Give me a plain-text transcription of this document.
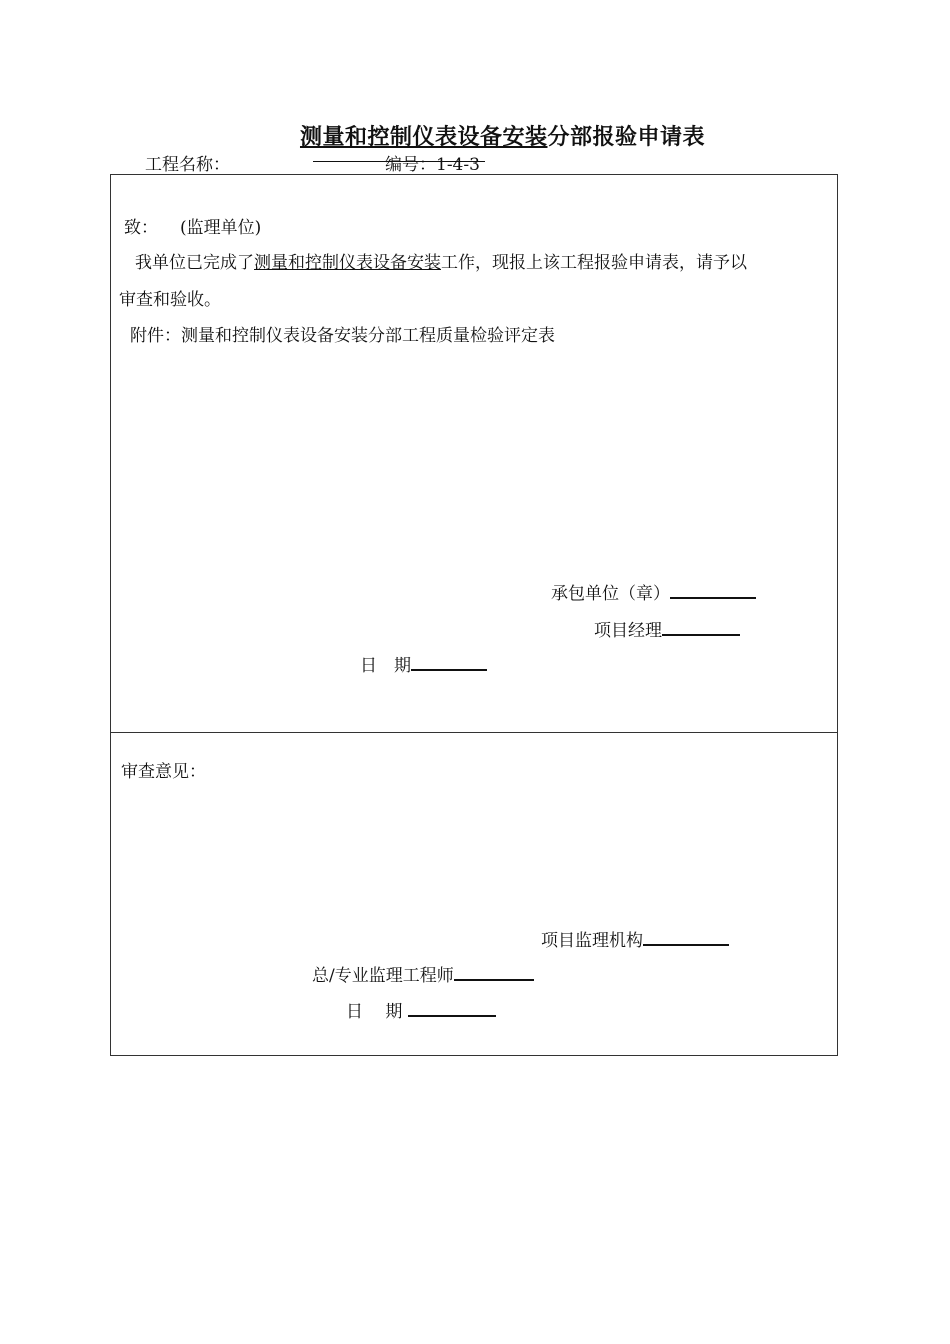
测量和控制仪表设备安装分部报验申请表
工程名称：	编号：1-4-3
致： (监理单位)
我单位已完成了测量和控制仪表设备安装工作，现报上该工程报验申请表，请予以
审查和验收。
附件：测量和控制仪表设备安装分部工程质量检验评定表
承包单位（章）
项目经理
日　期
审查意见：
项目监理机构
总/专业监理工程师
日　 期
